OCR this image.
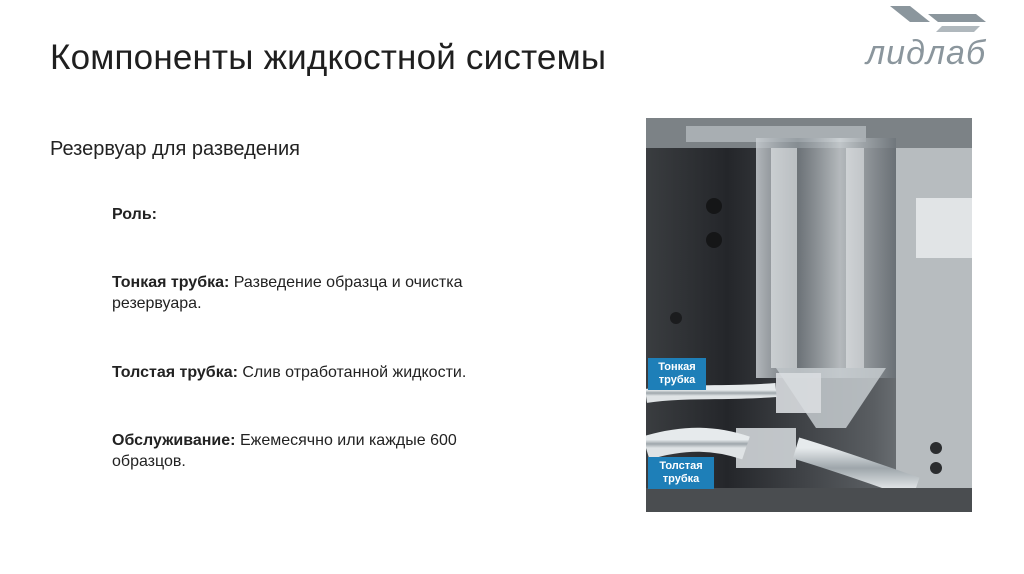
Компоненты жидкостной системы	лидлаб
Резервуар для разведения
Роль:
Тонкая трубка: Разведение образца и очистка резервуара.
Толстая трубка: Слив отработанной жидкости.
Обслуживание: Ежемесячно или каждые 600 образцов.
Тонкая
трубка
Толстая
трубка
